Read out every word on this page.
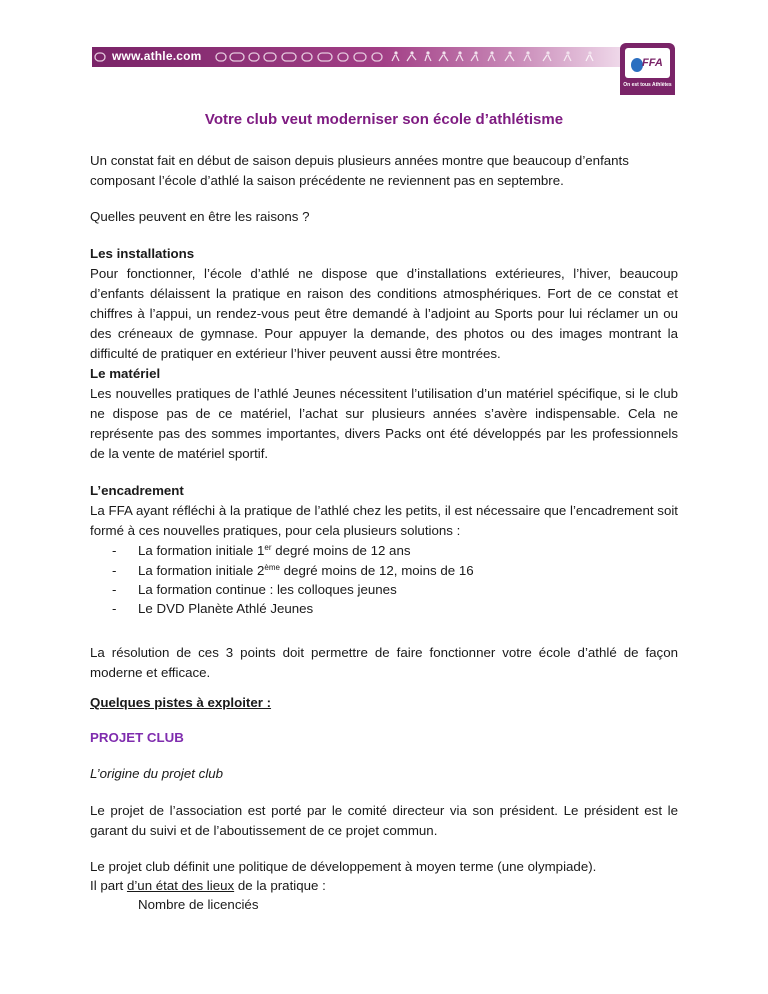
www.athle.com	FFA
On est tous Athlètes
Votre club veut moderniser son école d’athlétisme

Un constat fait en début de saison depuis plusieurs années montre que beaucoup d’enfants composant l’école d’athlé la saison précédente ne reviennent pas en septembre.

Quelles peuvent en être les raisons ?

Les installations

Pour fonctionner, l’école d’athlé ne dispose que d’installations extérieures, l’hiver, beaucoup d’enfants délaissent la pratique en raison des conditions atmosphériques. Fort de ce constat et chiffres à l’appui, un rendez-vous peut être demandé à l’adjoint au Sports pour lui réclamer un ou des créneaux de gymnase. Pour appuyer la demande, des photos ou des images montrant la difficulté de pratiquer en extérieur l’hiver peuvent aussi être montrées.

Le matériel

Les nouvelles pratiques de l’athlé Jeunes nécessitent l’utilisation d’un matériel spécifique, si le club ne dispose pas de ce matériel, l’achat sur plusieurs années s’avère indispensable. Cela ne représente pas des sommes importantes, divers Packs ont été développés par les professionnels de la vente de matériel sportif.

L’encadrement

La FFA ayant réfléchi à la pratique de l’athlé chez les petits, il est nécessaire que l’encadrement soit formé à ces nouvelles pratiques, pour cela plusieurs solutions :

- La formation initiale 1er degré moins de 12 ans
- La formation initiale 2ème degré moins de 12, moins de 16
- La formation continue : les colloques jeunes
- Le DVD Planète Athlé Jeunes

La résolution de ces 3 points doit permettre de faire fonctionner votre école d’athlé de façon moderne et efficace.

Quelques pistes à exploiter :

PROJET CLUB

L’origine du projet club

Le projet de l’association est porté par le comité directeur via son président. Le président est le garant du suivi et de l’aboutissement de ce projet commun.

Le projet club définit une politique de développement à moyen terme (une olympiade).

Il part d’un état des lieux de la pratique :

Nombre de licenciés
